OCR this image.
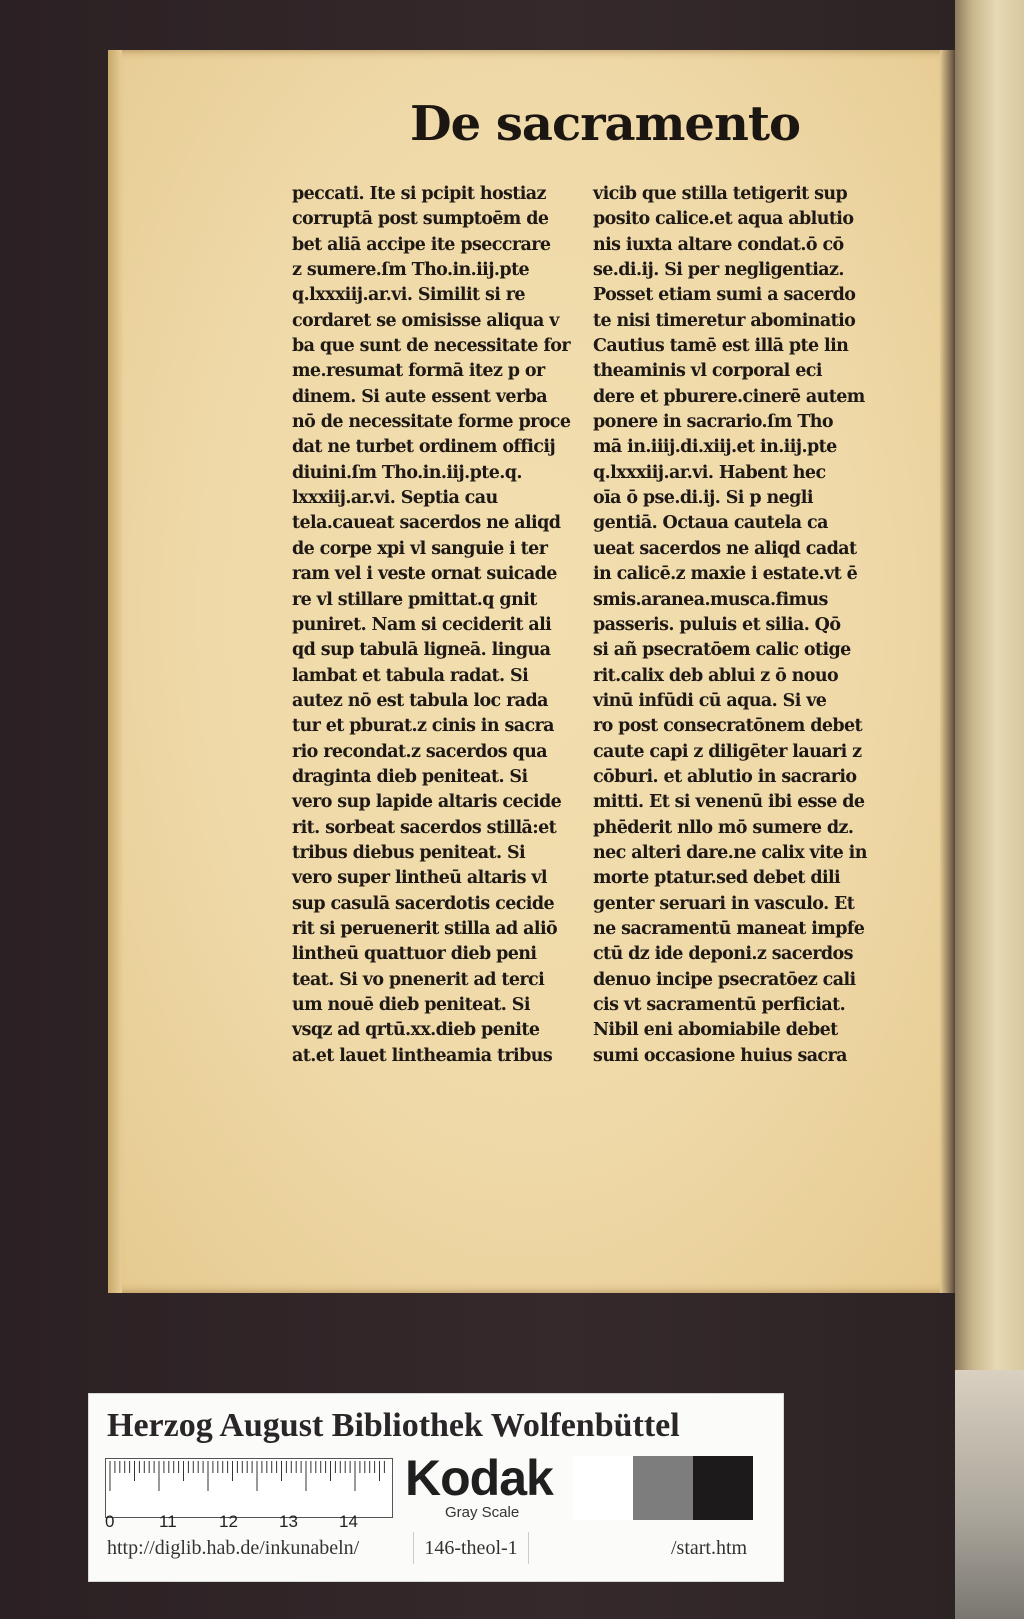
De sacramento
peccati. Ite si pcipit hostiaz
corruptā post sumptoēm de
bet aliā accipe ite pseccrare
z sumere.ſm Tho.in.iij.pte
q.lxxxiij.ar.vi. Similit si re
cordaret se omisisse aliqua v
ba que sunt de necessitate for
me.resumat formā itez p or
dinem. Si aute essent verba
nō de necessitate forme proce
dat ne turbet ordinem officij
diuini.ſm Tho.in.iij.pte.q.
lxxxiij.ar.vi. Septia cau
tela.caueat sacerdos ne aliqd
de corpe xpi vl sanguie i ter
ram vel i veste ornat suicade
re vl stillare pmittat.q gnit
puniret. Nam si ceciderit ali
qd sup tabulā ligneā. lingua
lambat et tabula radat. Si
autez nō est tabula loc rada
tur et pburat.z cinis in sacra
rio recondat.z sacerdos qua
draginta dieb peniteat. Si
vero sup lapide altaris cecide
rit. sorbeat sacerdos stillā:et
tribus diebus peniteat. Si
vero super lintheū altaris vl
sup casulā sacerdotis cecide
rit si peruenerit stilla ad aliō
lintheū quattuor dieb peni
teat. Si vo pnenerit ad terci
um nouē dieb peniteat. Si
vsqz ad qrtū.xx.dieb penite
at.et lauet lintheamia tribus
vicib que stilla tetigerit sup
posito calice.et aqua ablutio
nis iuxta altare condat.ō cō
se.di.ij. Si per negligentiaz.
Posset etiam sumi a sacerdo
te nisi timeretur abominatio
Cautius tamē est illā pte lin
theaminis vl corporal eci
dere et pburere.cinerē autem
ponere in sacrario.ſm Tho
mā in.iiij.di.xiij.et in.iij.pte
q.lxxxiij.ar.vi. Habent hec
oīa ō pse.di.ij. Si p negli
gentiā. Octaua cautela ca
ueat sacerdos ne aliqd cadat
in calicē.z maxie i estate.vt ē
smis.aranea.musca.fimus
passeris. puluis et silia. Qō
si añ psecratōem calic otige
rit.calix deb ablui z ō nouo
vinū infūdi cū aqua. Si ve
ro post consecratōnem debet
caute capi z diligēter lauari z
cōburi. et ablutio in sacrario
mitti. Et si venenū ibi esse de
phēderit nllo mō sumere dz.
nec alteri dare.ne calix vite in
morte ptatur.sed debet dili
genter seruari in vasculo. Et
ne sacramentū maneat impfe
ctū dz ide deponi.z sacerdos
denuo incipe psecratōez cali
cis vt sacramentū perficiat.
Nibil eni abomiabile debet
sumi occasione huius sacra
Herzog August Bibliothek Wolfenbüttel
0	11 12 13 14
Kodak
Gray Scale
http://diglib.hab.de/inkunabeln/	146-theol-1	/start.htm
